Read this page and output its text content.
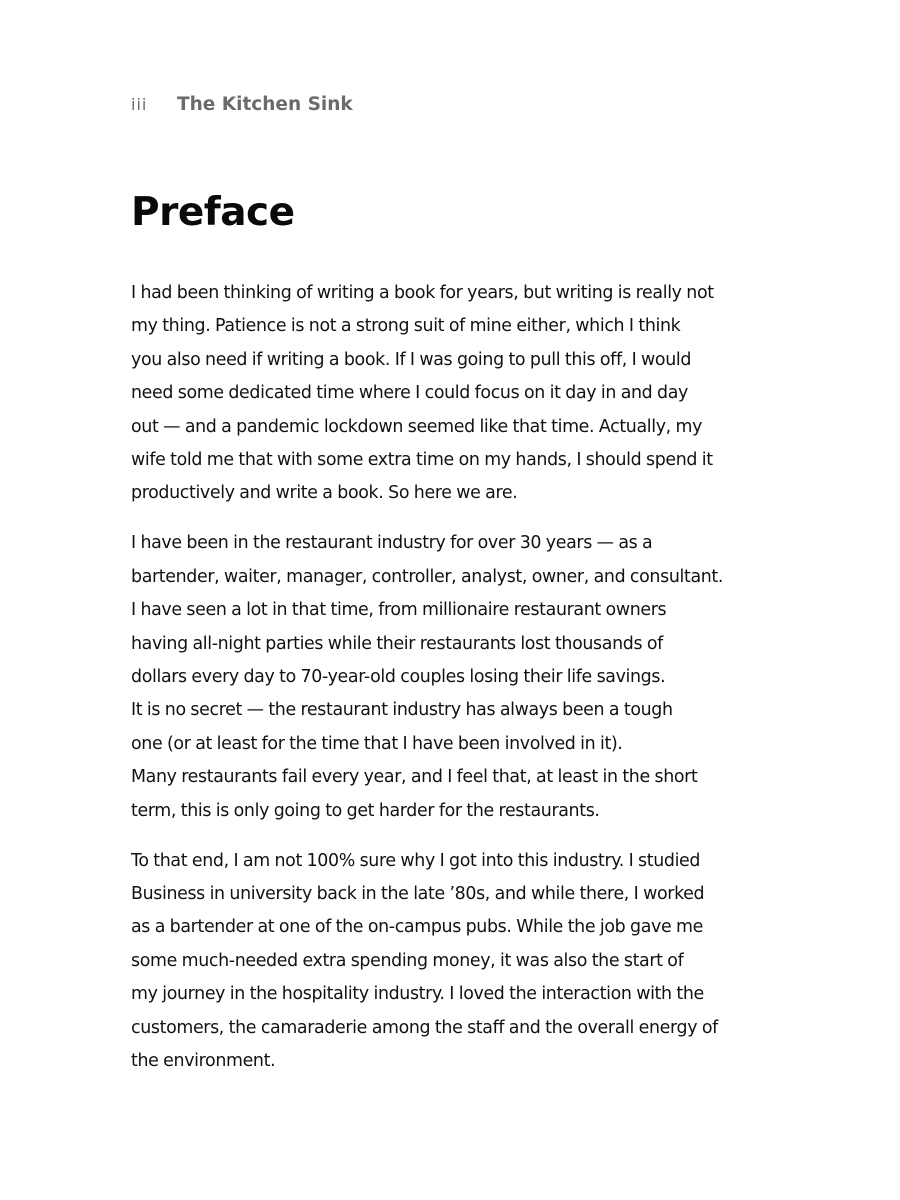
iii	The Kitchen Sink
Preface

I had been thinking of writing a book for years, but writing is really not
my thing. Patience is not a strong suit of mine either, which I think
you also need if writing a book. If I was going to pull this off, I would
need some dedicated time where I could focus on it day in and day
out — and a pandemic lockdown seemed like that time. Actually, my
wife told me that with some extra time on my hands, I should spend it
productively and write a book. So here we are.

I have been in the restaurant industry for over 30 years — as a
bartender, waiter, manager, controller, analyst, owner, and consultant.
I have seen a lot in that time, from millionaire restaurant owners
having all-night parties while their restaurants lost thousands of
dollars every day to 70-year-old couples losing their life savings.
It is no secret — the restaurant industry has always been a tough
one (or at least for the time that I have been involved in it).
Many restaurants fail every year, and I feel that, at least in the short
term, this is only going to get harder for the restaurants.

To that end, I am not 100% sure why I got into this industry. I studied
Business in university back in the late ’80s, and while there, I worked
as a bartender at one of the on-campus pubs. While the job gave me
some much-needed extra spending money, it was also the start of
my journey in the hospitality industry. I loved the interaction with the
customers, the camaraderie among the staff and the overall energy of
the environment.
